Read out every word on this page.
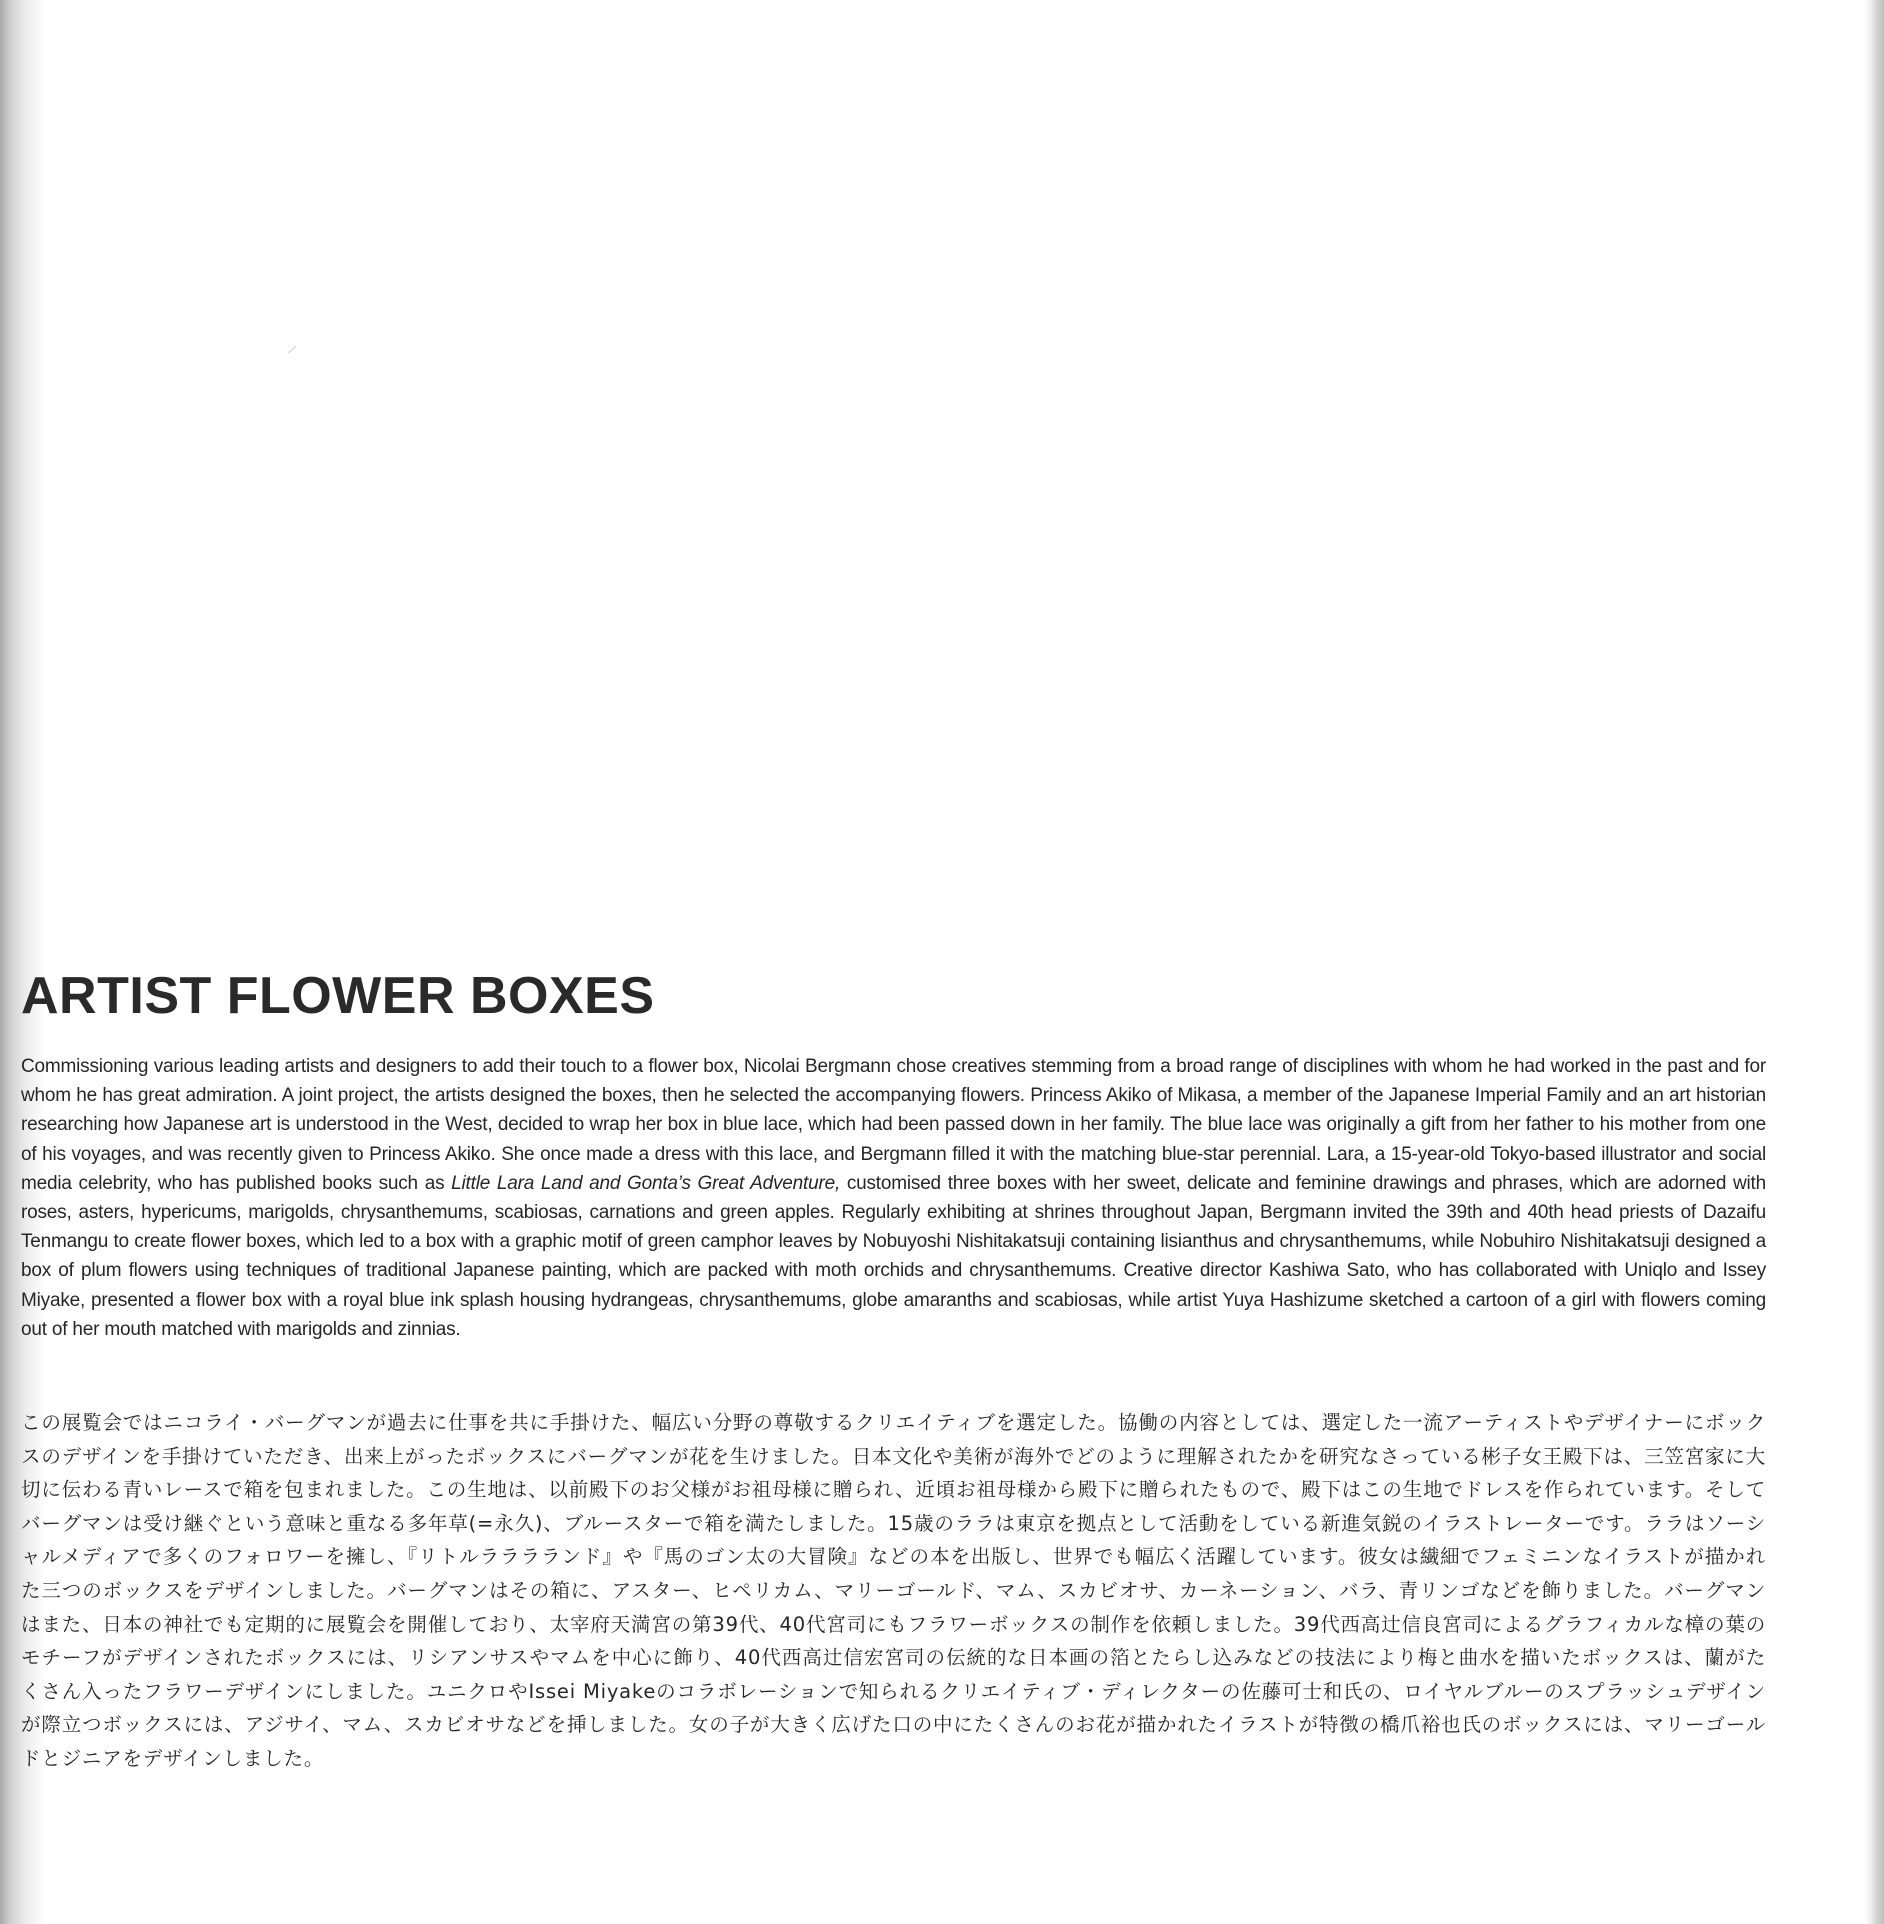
ARTIST FLOWER BOXES

Commissioning various leading artists and designers to add their touch to a flower box, Nicolai Bergmann chose creatives stemming from a broad range of disciplines with whom he had worked in the past and for whom he has great admiration. A joint project, the artists designed the boxes, then he selected the accompanying flowers. Princess Akiko of Mikasa, a member of the Japanese Imperial Family and an art historian researching how Japanese art is understood in the West, decided to wrap her box in blue lace, which had been passed down in her family. The blue lace was originally a gift from her father to his mother from one of his voyages, and was recently given to Princess Akiko. She once made a dress with this lace, and Bergmann filled it with the matching blue-star perennial. Lara, a 15-year-old Tokyo-based illustrator and social media celebrity, who has published books such as Little Lara Land and Gonta’s Great Adventure, customised three boxes with her sweet, delicate and feminine drawings and phrases, which are adorned with roses, asters, hypericums, marigolds, chrysanthemums, scabiosas, carnations and green apples. Regularly exhibiting at shrines throughout Japan, Bergmann invited the 39th and 40th head priests of Dazaifu Tenmangu to create flower boxes, which led to a box with a graphic motif of green camphor leaves by Nobuyoshi Nishitakatsuji containing lisianthus and chrysanthemums, while Nobuhiro Nishitakatsuji designed a box of plum flowers using techniques of traditional Japanese painting, which are packed with moth orchids and chrysanthemums. Creative director Kashiwa Sato, who has collaborated with Uniqlo and Issey Miyake, presented a flower box with a royal blue ink splash housing hydrangeas, chrysanthemums, globe amaranths and scabiosas, while artist Yuya Hashizume sketched a cartoon of a girl with flowers coming out of her mouth matched with marigolds and zinnias.

この展覧会ではニコライ・バーグマンが過去に仕事を共に手掛けた、幅広い分野の尊敬するクリエイティブを選定した。協働の内容としては、選定した一流アーティストやデザイナーにボックスのデザインを手掛けていただき、出来上がったボックスにバーグマンが花を生けました。日本文化や美術が海外でどのように理解されたかを研究なさっている彬子女王殿下は、三笠宮家に大切に伝わる青いレースで箱を包まれました。この生地は、以前殿下のお父様がお祖母様に贈られ、近頃お祖母様から殿下に贈られたもので、殿下はこの生地でドレスを作られています。そしてバーグマンは受け継ぐという意味と重なる多年草(=永久)、ブルースターで箱を満たしました。15歳のララは東京を拠点として活動をしている新進気鋭のイラストレーターです。ララはソーシャルメディアで多くのフォロワーを擁し、『リトルラララランド』や『馬のゴン太の大冒険』などの本を出版し、世界でも幅広く活躍しています。彼女は繊細でフェミニンなイラストが描かれた三つのボックスをデザインしました。バーグマンはその箱に、アスター、ヒペリカム、マリーゴールド、マム、スカビオサ、カーネーション、バラ、青リンゴなどを飾りました。バーグマンはまた、日本の神社でも定期的に展覧会を開催しており、太宰府天満宮の第39代、40代宮司にもフラワーボックスの制作を依頼しました。39代西高辻信良宮司によるグラフィカルな樟の葉のモチーフがデザインされたボックスには、リシアンサスやマムを中心に飾り、40代西高辻信宏宮司の伝統的な日本画の箔とたらし込みなどの技法により梅と曲水を描いたボックスは、蘭がたくさん入ったフラワーデザインにしました。ユニクロやIssei Miyakeのコラボレーションで知られるクリエイティブ・ディレクターの佐藤可士和氏の、ロイヤルブルーのスプラッシュデザインが際立つボックスには、アジサイ、マム、スカビオサなどを挿しました。女の子が大きく広げた口の中にたくさんのお花が描かれたイラストが特徴の橋爪裕也氏のボックスには、マリーゴールドとジニアをデザインしました。
